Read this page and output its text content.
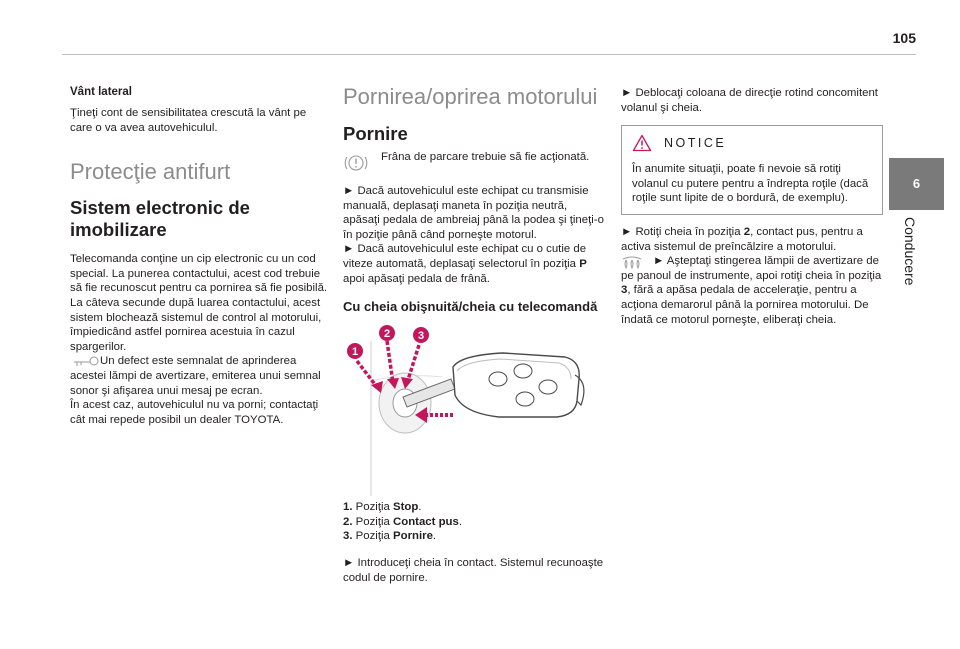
105
6
Conducere
Vânt lateral

Ţineţi cont de sensibilitatea crescută la vânt pe care o va avea autovehiculul.

Protecţie antifurt
Sistem electronic de
imobilizare

Telecomanda conţine un cip electronic cu un cod special. La punerea contactului, acest cod trebuie să fie recunoscut pentru ca pornirea să fie posibilă.

La câteva secunde după luarea contactului, acest sistem blochează sistemul de control al motorului, împiedicând astfel pornirea acestuia în cazul spargerilor.

Un defect este semnalat de aprinderea acestei lămpi de avertizare, emiterea unui semnal sonor şi afişarea unui mesaj pe ecran.

În acest caz, autovehiculul nu va porni; contactaţi cât mai repede posibil un dealer TOYOTA.

Pornirea/oprirea motorului
Pornire

Frâna de parcare trebuie să fie acţionată.

► Dacă autovehiculul este echipat cu transmisie manuală, deplasaţi maneta în poziţia neutră, apăsaţi pedala de ambreiaj până la podea şi ţineţi-o în poziţie până când porneşte motorul.

► Dacă autovehiculul este echipat cu o cutie de viteze automată, deplasaţi selectorul în poziţia P apoi apăsaţi pedala de frână.

Cu cheia obişnuită/cheia cu telecomandă
1
2	3
1. Poziţia Stop.
2. Poziţia Contact pus.
3. Poziţia Pornire.

► Introduceţi cheia în contact. Sistemul recunoaşte codul de pornire.

► Deblocaţi coloana de direcţie rotind concomitent volanul şi cheia.

NOTICE

În anumite situaţii, poate fi nevoie să rotiţi volanul cu putere pentru a îndrepta roţile (dacă roţile sunt lipite de o bordură, de exemplu).

► Rotiţi cheia în poziţia 2, contact pus, pentru a activa sistemul de preîncălzire a motorului.

► Aşteptaţi stingerea lămpii de avertizare de pe panoul de instrumente, apoi rotiţi cheia în poziţia 3, fără a apăsa pedala de acceleraţie, pentru a acţiona demarorul până la pornirea motorului. De îndată ce motorul porneşte, eliberaţi cheia.
